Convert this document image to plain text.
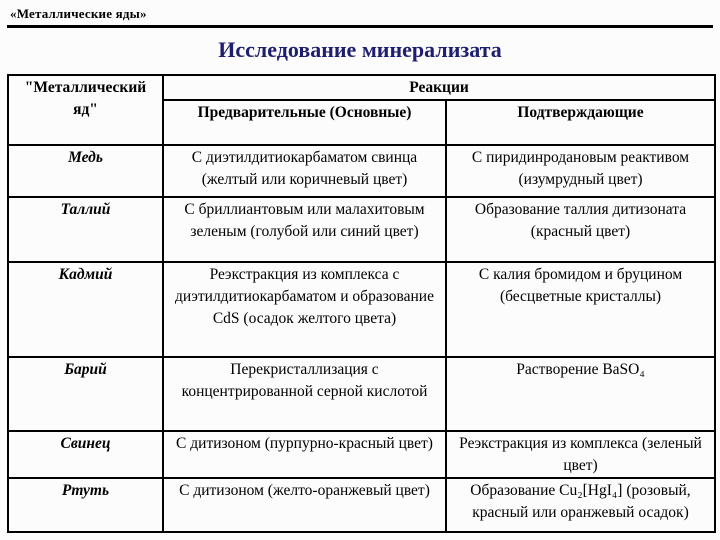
«Металлические яды»
Исследование минерализата
"Металлический яд"	Реакции	
	Предварительные (Основные)	Подтверждающие
Медь	С диэтилдитиокарбаматом свинца (желтый или коричневый цвет)	С пиридинродановым реактивом (изумрудный цвет)
Таллий	С бриллиантовым или малахитовым зеленым (голубой или синий цвет)	Образование таллия дитизоната (красный цвет)
Кадмий	Реэкстракция из комплекса с диэтилдитиокарбаматом и образование CdS (осадок желтого цвета)	С калия бромидом и бруцином (бесцветные кристаллы)
Барий	Перекристаллизация с концентрированной серной кислотой	Растворение BaSO₄
Свинец	С дитизоном (пурпурно-красный цвет)	Реэкстракция из комплекса (зеленый цвет)
Ртуть	С дитизоном (желто-оранжевый цвет)	Образование Cu₂[HgI₄] (розовый, красный или оранжевый осадок)
